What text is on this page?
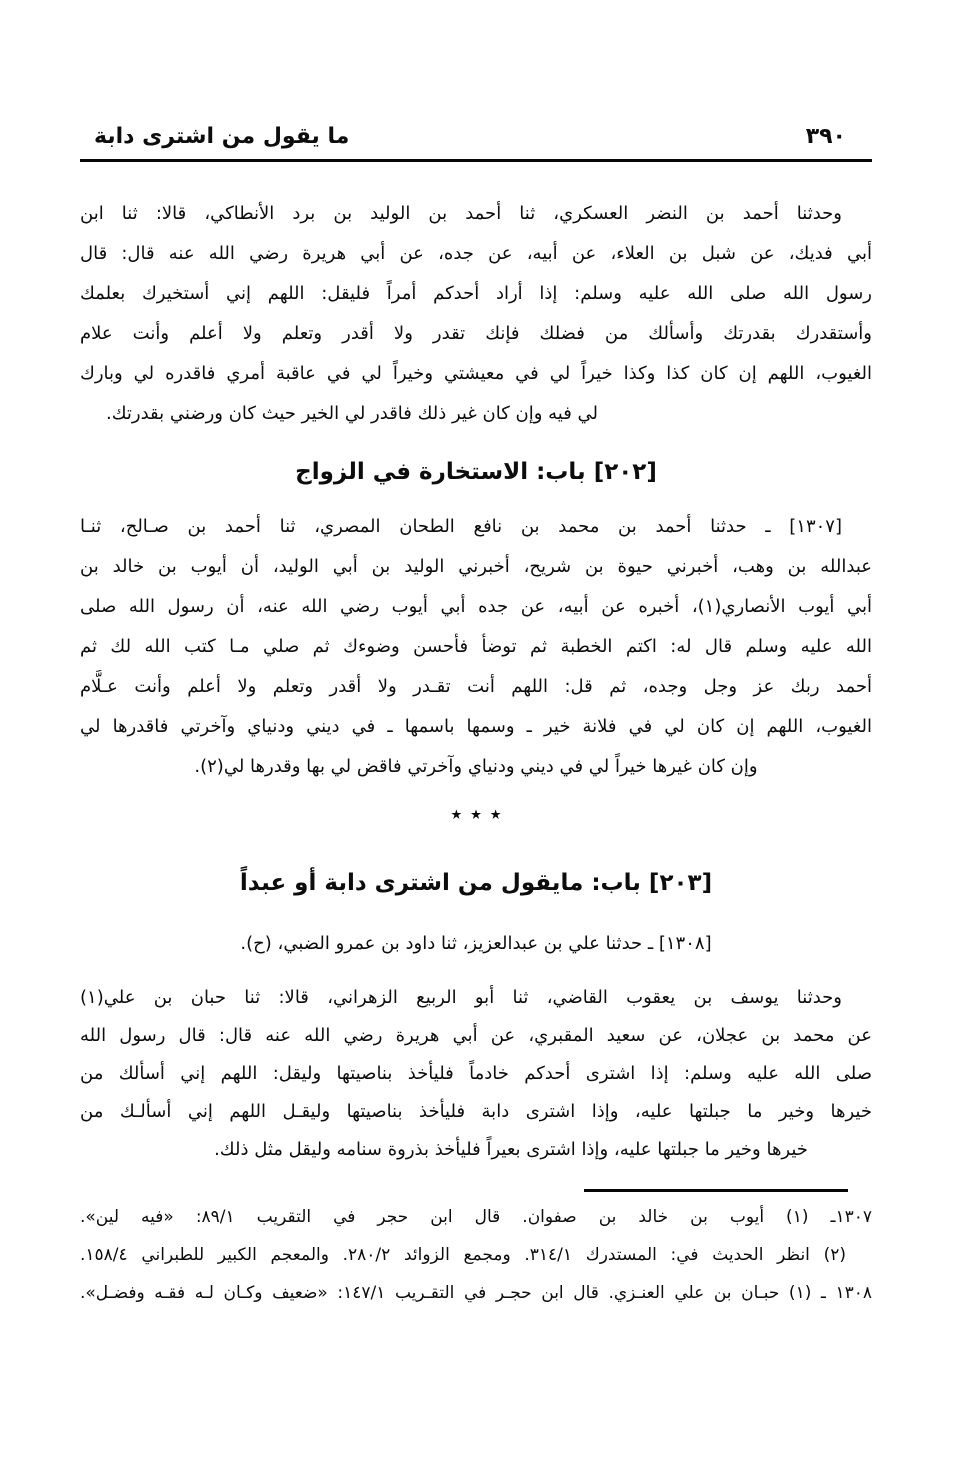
٣٩٠
ما يقول من اشترى دابة
وحدثنا أحمد بن النضر العسكري، ثنا أحمد بن الوليد بن برد الأنطاكي، قالا: ثنا ابن
أبي فديك، عن شبل بن العلاء، عن أبيه، عن جده، عن أبي هريرة رضي الله عنه قال: قال
رسول الله صلى الله عليه وسلم: إذا أراد أحدكم أمراً فليقل: اللهم إني أستخيرك بعلمك
وأستقدرك بقدرتك وأسألك من فضلك فإنك تقدر ولا أقدر وتعلم ولا أعلم وأنت علام
الغيوب، اللهم إن كان كذا وكذا خيراً لي في معيشتي وخيراً لي في عاقبة أمري فاقدره لي وبارك
لي فيه وإن كان غير ذلك فاقدر لي الخير حيث كان ورضني بقدرتك.
[٢٠٢] باب: الاستخارة في الزواج
[١٣٠٧] ـ حدثنا أحمد بن محمد بن نافع الطحان المصري، ثنا أحمد بن صـالح، ثنـا
عبدالله بن وهب، أخبرني حيوة بن شريح، أخبرني الوليد بن أبي الوليد، أن أيوب بن خالد بن
أبي أيوب الأنصاري(١)، أخبره عن أبيه، عن جده أبي أيوب رضي الله عنه، أن رسول الله صلى
الله عليه وسلم قال له: اكتم الخطبة ثم توضأ فأحسن وضوءك ثم صلي مـا كتب الله لك ثم
أحمد ربك عز وجل وجده، ثم قل: اللهم أنت تقـدر ولا أقدر وتعلم ولا أعلم وأنت عـلَّام
الغيوب، اللهم إن كان لي في فلانة خير ـ وسمها باسمها ـ في ديني ودنياي وآخرتي فاقدرها لي
وإن كان غيرها خيراً لي في ديني ودنياي وآخرتي فاقض لي بها وقدرها لي(٢).
٭ ٭ ٭
[٢٠٣] باب: مايقول من اشترى دابة أو عبداً
[١٣٠٨] ـ حدثنا علي بن عبدالعزيز، ثنا داود بن عمرو الضبي، (ح).
وحدثنا يوسف بن يعقوب القاضي، ثنا أبو الربيع الزهراني، قالا: ثنا حبان بن علي(١)
عن محمد بن عجلان، عن سعيد المقبري، عن أبي هريرة رضي الله عنه قال: قال رسول الله
صلى الله عليه وسلم: إذا اشترى أحدكم خادماً فليأخذ بناصيتها وليقل: اللهم إني أسألك من
خيرها وخير ما جبلتها عليه، وإذا اشترى دابة فليأخذ بناصيتها وليقـل اللهم إني أسألـك من
خيرها وخير ما جبلتها عليه، وإذا اشترى بعيراً فليأخذ بذروة سنامه وليقل مثل ذلك.
١٣٠٧ـ (١) أيوب بن خالد بن صفوان. قال ابن حجر في التقريب ٨٩/١: «فيه لين».
(٢) انظر الحديث في: المستدرك ٣١٤/١. ومجمع الزوائد ٢٨٠/٢. والمعجم الكبير للطبراني ١٥٨/٤.
١٣٠٨ ـ (١) حبـان بن علي العنـزي. قال ابن حجـر في التقـريب ١٤٧/١: «ضعيف وكـان لـه فقـه وفضـل».
